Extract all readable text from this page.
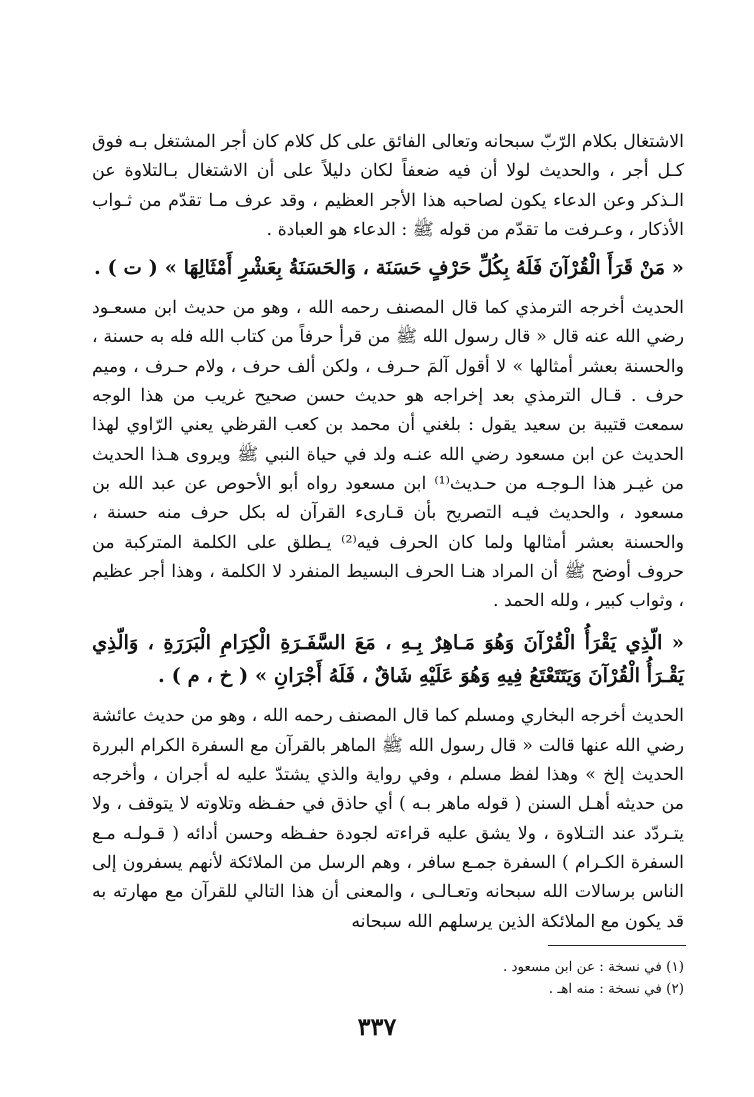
الاشتغال بكلام الرّبّ سبحانه وتعالى الفائق على كل كلام كان أجر المشتغل بـه فوق كـل أجر ، والحديث لولا أن فيه ضعفاً لكان دليلاً على أن الاشتغال بـالتلاوة عن الـذكر وعن الدعاء يكون لصاحبه هذا الأجر العظيم ، وقد عرف مـا تقدّم من ثـواب الأذكار ، وعـرفت ما تقدّم من قوله ﷺ : الدعاء هو العبادة .

« مَنْ قَرَأَ الْقُرْآنَ فَلَهُ بِكُلِّ حَرْفٍ حَسَنَة ، وَالحَسَنَةُ بِعَشْرِ أَمْثَالِهَا » ( ت ) .

الحديث أخرجه الترمذي كما قال المصنف رحمه الله ، وهو من حديث ابن مسعـود رضي الله عنه قال « قال رسول الله ﷺ من قرأ حرفاً من كتاب الله فله به حسنة ، والحسنة بعشر أمثالها » لا أقول آلمَ حـرف ، ولكن ألف حرف ، ولام حـرف ، وميم حرف . قـال الترمذي بعد إخراجه هو حديث حسن صحيح غريب من هذا الوجه سمعت قتيبة بن سعيد يقول : بلغني أن محمد بن كعب القرظي يعني الرّاوي لهذا الحديث عن ابن مسعود رضي الله عنـه ولد في حياة النبي ﷺ ويروى هـذا الحديث من غيـر هذا الـوجـه من حـديث⁽¹⁾ ابن مسعود رواه أبو الأحوص عن عبد الله بن مسعود ، والحديث فيـه التصريح بأن قـارىء القرآن له بكل حرف منه حسنة ، والحسنة بعشر أمثالها ولما كان الحرف فيه⁽²⁾ يـطلق على الكلمة المتركبة من حروف أوضح ﷺ أن المراد هنـا الحرف البسيط المنفرد لا الكلمة ، وهذا أجر عظيم ، وثواب كبير ، ولله الحمد .

« الّذِي يَقْرَأُ الْقُرْآنَ وَهُوَ مَـاهِرٌ بِـهِ ، مَعَ السَّفَـرَةِ الْكِرَامِ الْبَرَرَةِ ، وَالّذِي يَقْـرَأُ الْقُرْآنَ وَيَتَتَعْتَعُ فِيهِ وَهُوَ عَلَيْهِ شَاقٌ ، فَلَهُ أَجْرَانِ » ( خ ، م ) .

الحديث أخرجه البخاري ومسلم كما قال المصنف رحمه الله ، وهو من حديث عائشة رضي الله عنها قالت « قال رسول الله ﷺ الماهر بالقرآن مع السفرة الكرام البررة الحديث إلخ » وهذا لفظ مسلم ، وفي رواية والذي يشتدّ عليه له أجران ، وأخرجه من حديثه أهـل السنن ( قوله ماهر بـه ) أي حاذق في حفـظه وتلاوته لا يتوقف ، ولا يتـردّد عند التـلاوة ، ولا يشق عليه قراءته لجودة حفـظه وحسن أدائه ( قـولـه مـع السفرة الكـرام ) السفرة جمـع سافر ، وهم الرسل من الملائكة لأنهم يسفرون إلى الناس برسالات الله سبحانه وتعـالـى ، والمعنى أن هذا التالي للقرآن مع مهارته به قد يكون مع الملائكة الذين يرسلهم الله سبحانه

(١) في نسخة : عن ابن مسعود .
(٢) في نسخة : منه اهـ .
٣٣٧
